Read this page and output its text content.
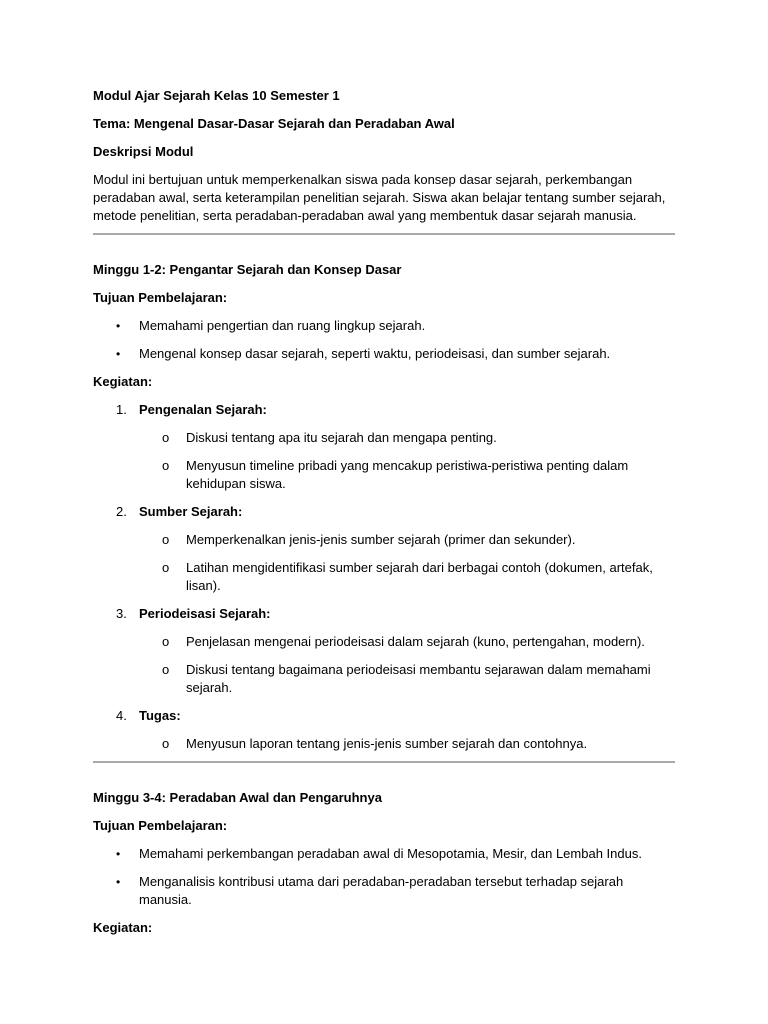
Modul Ajar Sejarah Kelas 10 Semester 1

Tema: Mengenal Dasar-Dasar Sejarah dan Peradaban Awal

Deskripsi Modul

Modul ini bertujuan untuk memperkenalkan siswa pada konsep dasar sejarah, perkembangan peradaban awal, serta keterampilan penelitian sejarah. Siswa akan belajar tentang sumber sejarah, metode penelitian, serta peradaban-peradaban awal yang membentuk dasar sejarah manusia.

Minggu 1-2: Pengantar Sejarah dan Konsep Dasar

Tujuan Pembelajaran:

• Memahami pengertian dan ruang lingkup sejarah.
• Mengenal konsep dasar sejarah, seperti waktu, periodeisasi, dan sumber sejarah.

Kegiatan:

1. Pengenalan Sejarah:
o Diskusi tentang apa itu sejarah dan mengapa penting.
o Menyusun timeline pribadi yang mencakup peristiwa-peristiwa penting dalam kehidupan siswa.
2. Sumber Sejarah:
o Memperkenalkan jenis-jenis sumber sejarah (primer dan sekunder).
o Latihan mengidentifikasi sumber sejarah dari berbagai contoh (dokumen, artefak, lisan).
3. Periodeisasi Sejarah:
o Penjelasan mengenai periodeisasi dalam sejarah (kuno, pertengahan, modern).
o Diskusi tentang bagaimana periodeisasi membantu sejarawan dalam memahami sejarah.
4. Tugas:
o Menyusun laporan tentang jenis-jenis sumber sejarah dan contohnya.

Minggu 3-4: Peradaban Awal dan Pengaruhnya

Tujuan Pembelajaran:

• Memahami perkembangan peradaban awal di Mesopotamia, Mesir, dan Lembah Indus.
• Menganalisis kontribusi utama dari peradaban-peradaban tersebut terhadap sejarah manusia.

Kegiatan:
